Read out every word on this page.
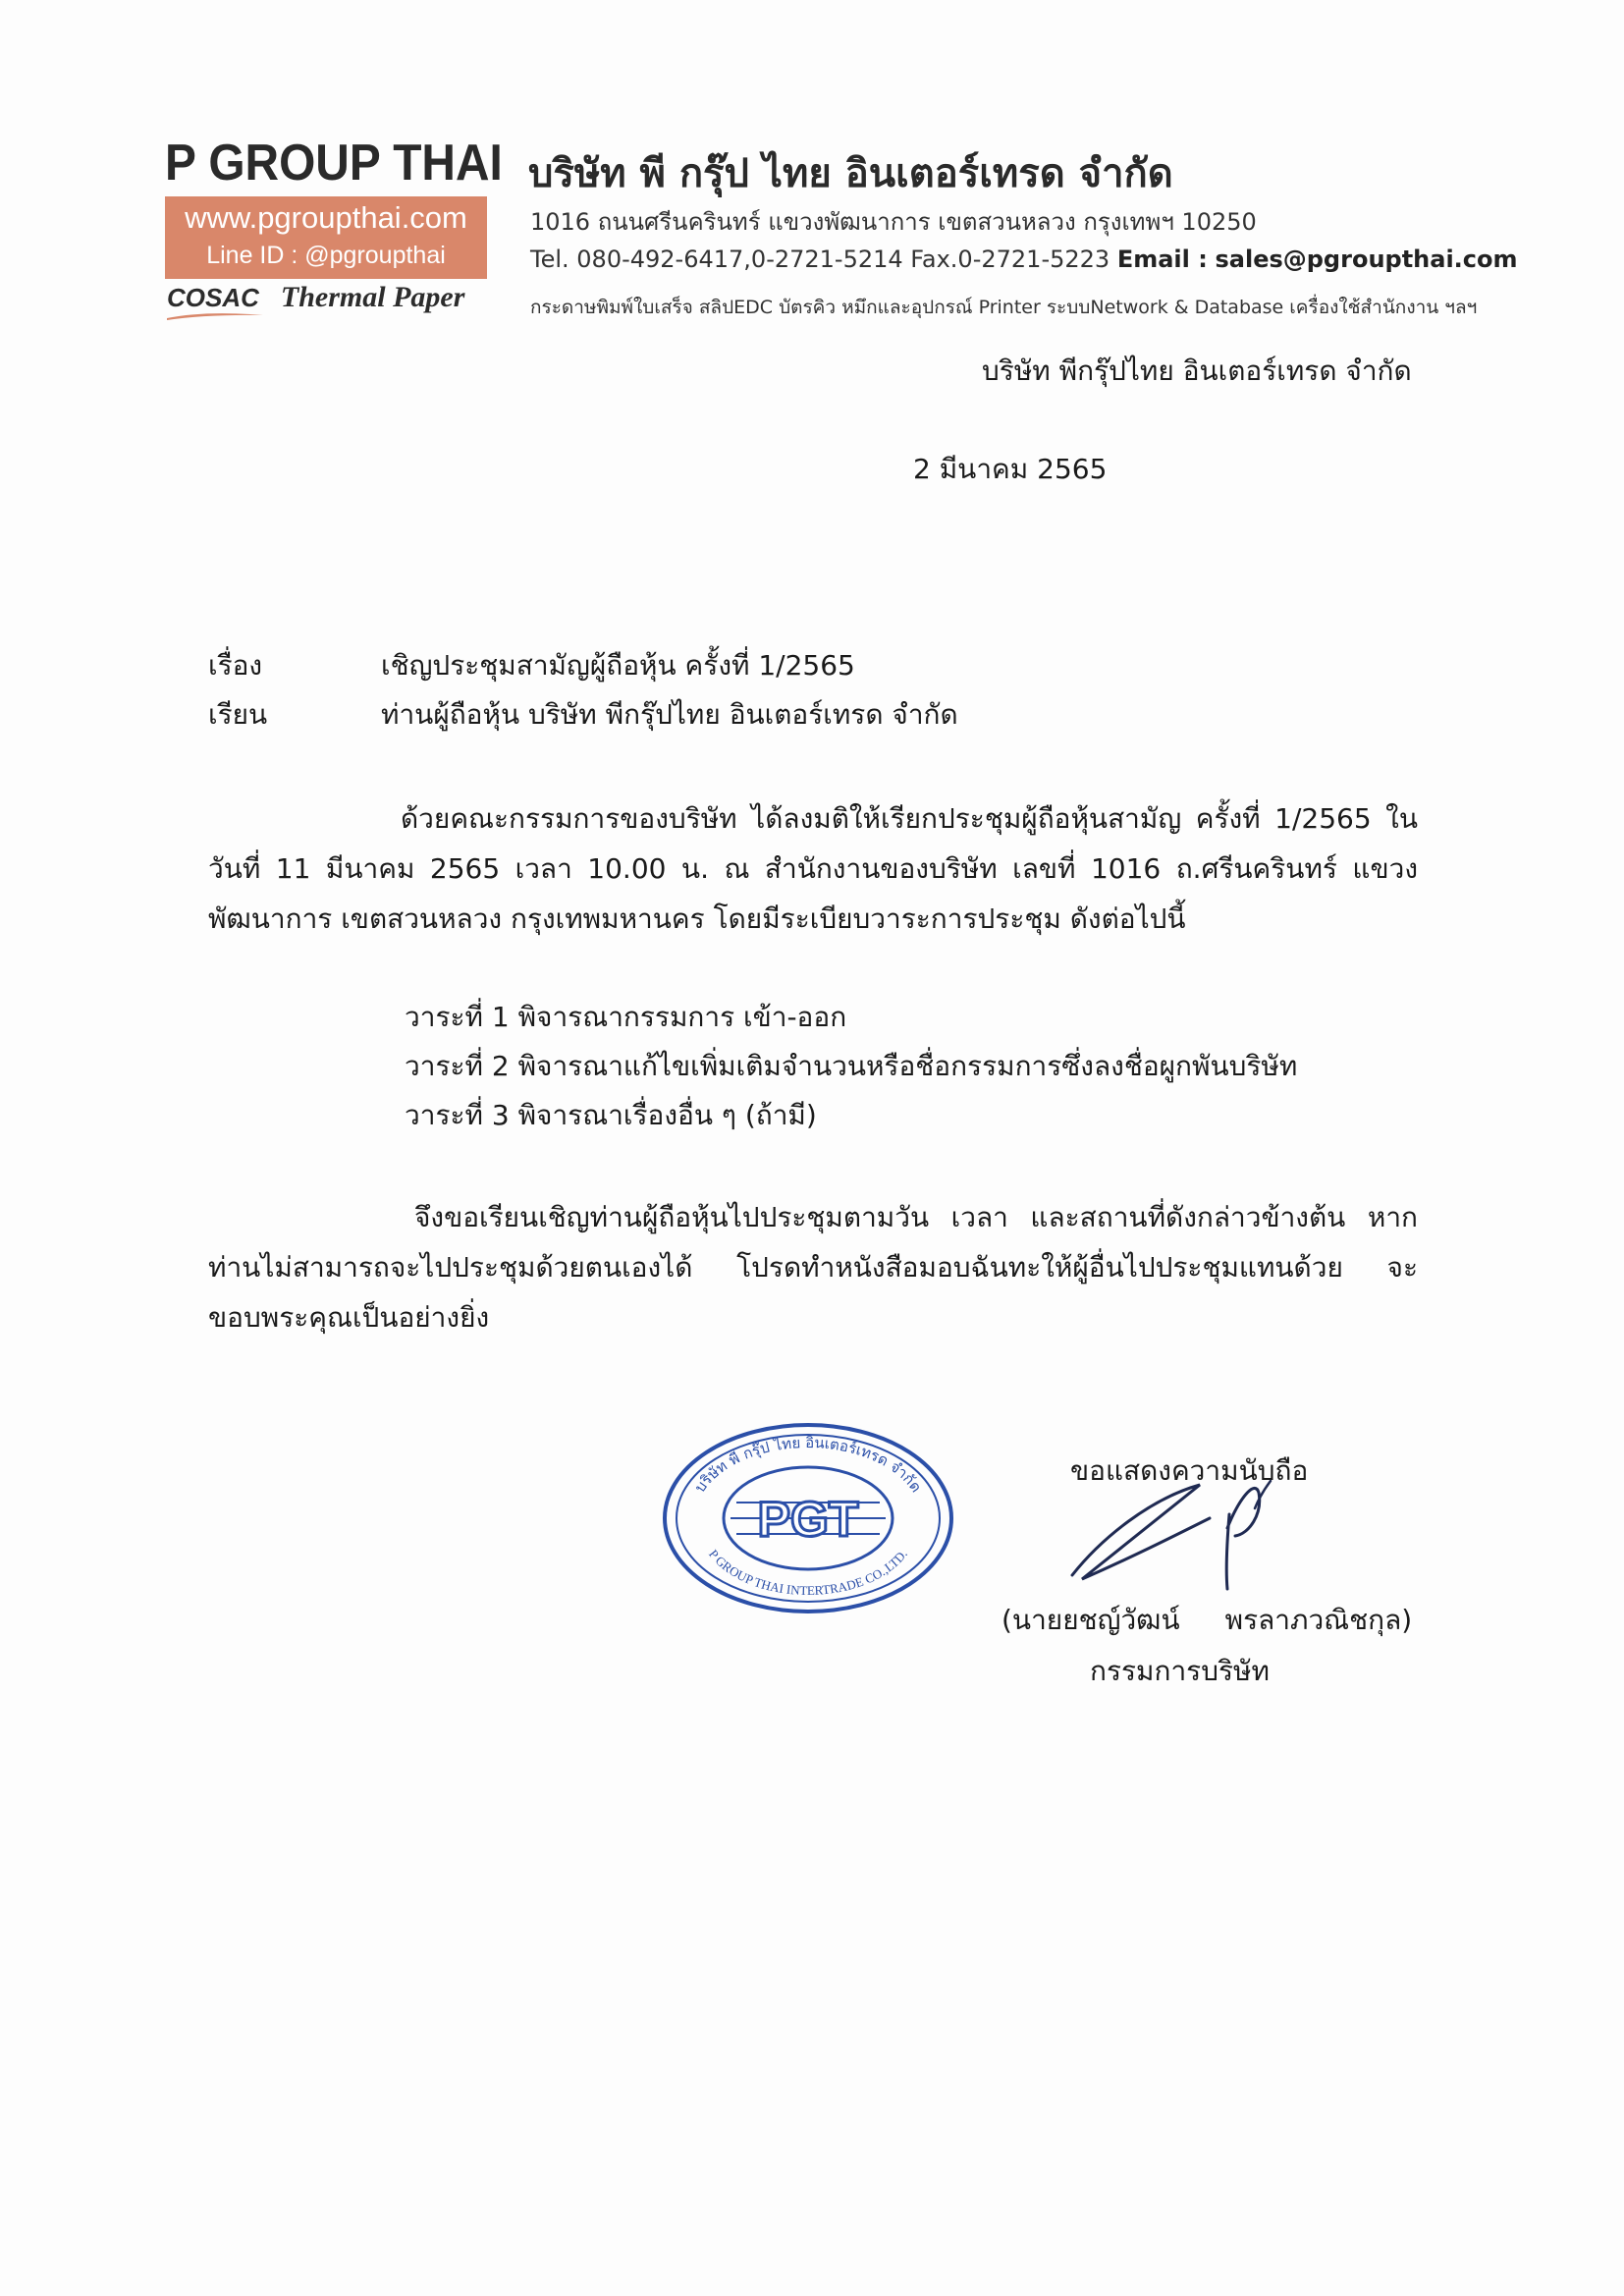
P GROUP THAI
www.pgroupthai.com
Line ID : @pgroupthai
COSAC Thermal Paper
บริษัท พี กรุ๊ป ไทย อินเตอร์เทรด จำกัด
1016 ถนนศรีนครินทร์ แขวงพัฒนาการ เขตสวนหลวง กรุงเทพฯ 10250
Tel. 080-492-6417,0-2721-5214 Fax.0-2721-5223 Email : sales@pgroupthai.com
กระดาษพิมพ์ใบเสร็จ สลิปEDC บัตรคิว หมึกและอุปกรณ์ Printer ระบบNetwork & Database เครื่องใช้สำนักงาน ฯลฯ
บริษัท พีกรุ๊ปไทย อินเตอร์เทรด จำกัด
2 มีนาคม 2565
เรื่อง	เชิญประชุมสามัญผู้ถือหุ้น ครั้งที่ 1/2565
เรียน	ท่านผู้ถือหุ้น บริษัท พีกรุ๊ปไทย อินเตอร์เทรด จำกัด
ด้วยคณะกรรมการของบริษัท ได้ลงมติให้เรียกประชุมผู้ถือหุ้นสามัญ ครั้งที่ 1/2565 ในวันที่ 11 มีนาคม 2565 เวลา 10.00 น. ณ สำนักงานของบริษัท เลขที่ 1016 ถ.ศรีนครินทร์ แขวงพัฒนาการ เขตสวนหลวง กรุงเทพมหานคร โดยมีระเบียบวาระการประชุม ดังต่อไปนี้
วาระที่ 1 พิจารณากรรมการ เข้า-ออก
วาระที่ 2 พิจารณาแก้ไขเพิ่มเติมจำนวนหรือชื่อกรรมการซึ่งลงชื่อผูกพันบริษัท
วาระที่ 3 พิจารณาเรื่องอื่น ๆ (ถ้ามี)
จึงขอเรียนเชิญท่านผู้ถือหุ้นไปประชุมตามวัน เวลา และสถานที่ดังกล่าวข้างต้น หากท่านไม่สามารถจะไปประชุมด้วยตนเองได้ โปรดทำหนังสือมอบฉันทะให้ผู้อื่นไปประชุมแทนด้วย จะขอบพระคุณเป็นอย่างยิ่ง
ขอแสดงความนับถือ
บริษัท พี กรุ๊ป ไทย อินเตอร์เทรด จำกัด
P GROUP THAI INTERTRADE CO.,LTD.
PGT
(นายยชญ์วัฒน์ พรลาภวณิชกุล)
กรรมการบริษัท
